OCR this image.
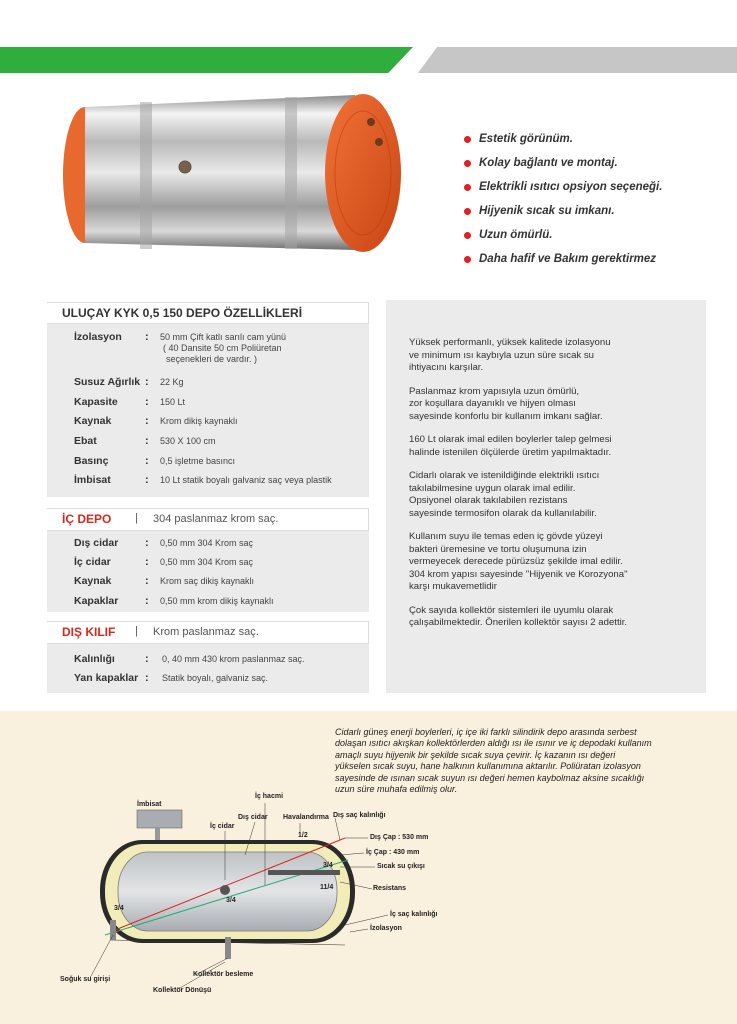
Estetik görünüm.
Kolay bağlantı ve montaj.
Elektrikli ısıtıcı opsiyon seçeneği.
Hijyenik sıcak su imkanı.
Uzun ömürlü.
Daha hafif ve Bakım gerektirmez
ULUÇAY KYK 0,5 150 DEPO ÖZELLİKLERİ
İzolasyon : 50 mm Çift katlı sarılı cam yünü
( 40 Dansite 50 cm Poliüretan
seçenekleri de vardır. )
Susuz Ağırlık : 22 Kg
Kapasite : 150 Lt
Kaynak	: Krom dikiş kaynaklı
Ebat	: 530 X 100 cm
Basınç	: 0,5 işletme basıncı
İmbisat	: 10 Lt statik boyalı galvaniz saç veya plastik
İÇ DEPO | 304 paslanmaz krom saç.
Dış cidar : 0,50 mm 304 Krom saç
İç cidar	: 0,50 mm 304 Krom saç
Kaynak	: Krom saç dikiş kaynaklı
Kapaklar : 0,50 mm krom dikiş kaynaklı
DIŞ KILIF | Krom paslanmaz saç.
Kalınlığı	: 0, 40 mm 430 krom paslanmaz saç.
Yan kapaklar : Statik boyalı, galvaniz saç.

Yüksek performanlı, yüksek kalitede izolasyonu

ve minimum ısı kaybıyla uzun süre sıcak su

ihtiyacını karşılar.

Paslanmaz krom yapısıyla uzun ömürlü,

zor koşullara dayanıklı ve hijyen olması

sayesinde konforlu bir kullanım imkanı sağlar.

160 Lt olarak imal edilen boylerler talep gelmesi

halinde istenilen ölçülerde üretim yapılmaktadır.

Cidarlı olarak ve istenildiğinde elektrikli ısıtıcı

takılabilmesine uygun olarak imal edilir.

Opsiyonel olarak takılabilen rezistans

sayesinde termosifon olarak da kullanılabilir.

Kullanım suyu ile temas eden iç gövde yüzeyi

bakteri üremesine ve tortu oluşumuna izin

vermeyecek derecede pürüzsüz şekilde imal edilir.

304 krom yapısı sayesinde "Hijyenik ve Korozyona"

karşı mukavemetlidir

Çok sayıda kollektör sistemleri ile uyumlu olarak

çalışabilmektedir. Önerilen kollektör sayısı 2 adettir.

Cidarlı güneş enerji boylerleri, iç içe iki farklı silindirik depo arasında serbest
dolaşan ısıtıcı akışkan kollektörlerden aldığı ısı ile ısınır ve iç depodaki kullanım
amaçlı suyu hijyenik bir şekilde sıcak suya çevirir. İç kazanın ısı değeri
yükselen sıcak suyu, hane halkının kullanımına aktarılır. Poliüratan izolasyon
sayesinde de ısınan sıcak suyun ısı değeri hemen kaybolmaz aksine sıcaklığı
uzun süre muhafa edilmiş olur.
İmbisat
İç hacmi
Dış cidar
İç cidar
Havalandırma Dış saç kalınlığı
1/2	Dış Çap : 530 mm
İç Çap : 430 mm
3/4	Sıcak su çıkışı
11/4	Resistans
3/4
3/4
İç saç kalınlığı
İzolasyon
Soğuk su girişi
Kollektör besleme
Kollektör Dönüşü
